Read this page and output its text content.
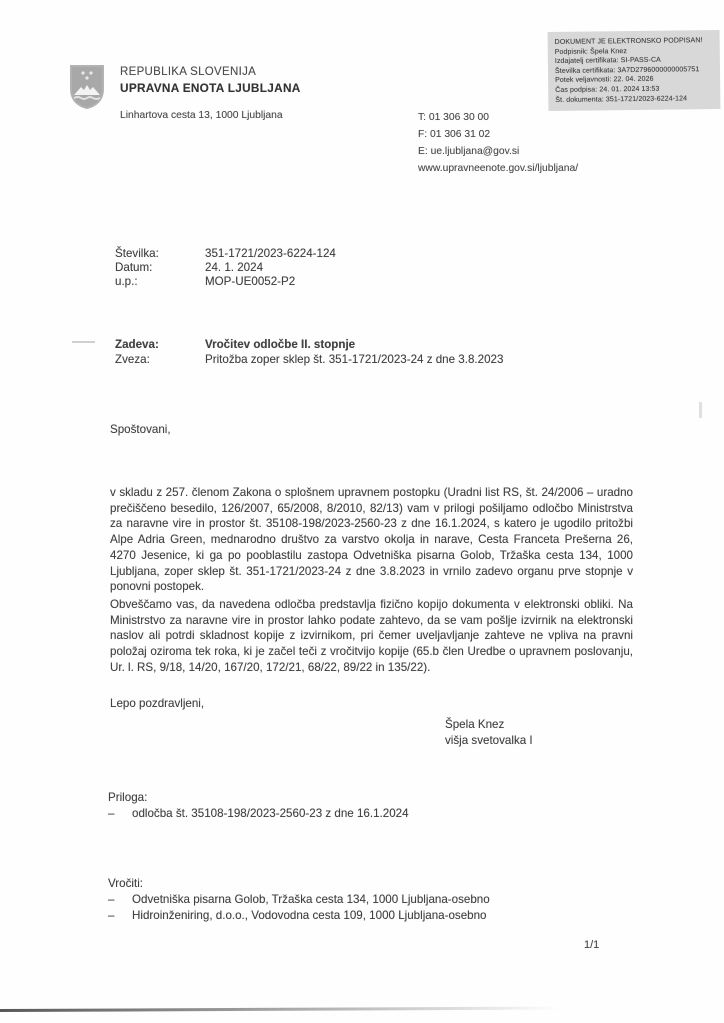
DOKUMENT JE ELEKTRONSKO PODPISAN!
Podpisnik: Špela Knez
Izdajatelj certifikata: SI-PASS-CA
Številka certifikata: 3A7D2796000000005751
Potek veljavnosti: 22. 04. 2026
Čas podpisa: 24. 01. 2024 13:53
Št. dokumenta: 351-1721/2023-6224-124
REPUBLIKA SLOVENIJA
UPRAVNA ENOTA LJUBLJANA
Linhartova cesta 13, 1000 Ljubljana	T: 01 306 30 00
F: 01 306 31 02
E: ue.ljubljana@gov.si
www.upravneenote.gov.si/ljubljana/
Številka:	351-1721/2023-6224-124
Datum:	24. 1. 2024
u.p.:	MOP-UE0052-P2
Zadeva:	Vročitev odločbe II. stopnje
Zveza:	Pritožba zoper sklep št. 351-1721/2023-24 z dne 3.8.2023
Spoštovani,
v skladu z 257. členom Zakona o splošnem upravnem postopku (Uradni list RS, št. 24/2006 – uradno prečiščeno besedilo, 126/2007, 65/2008, 8/2010, 82/13) vam v prilogi pošiljamo odločbo Ministrstva za naravne vire in prostor št. 35108-198/2023-2560-23 z dne 16.1.2024, s katero je ugodilo pritožbi Alpe Adria Green, mednarodno društvo za varstvo okolja in narave, Cesta Franceta Prešerna 26, 4270 Jesenice, ki ga po pooblastilu zastopa Odvetniška pisarna Golob, Tržaška cesta 134, 1000 Ljubljana, zoper sklep št. 351-1721/2023-24 z dne 3.8.2023 in vrnilo zadevo organu prve stopnje v ponovni postopek.
Obveščamo vas, da navedena odločba predstavlja fizično kopijo dokumenta v elektronski obliki. Na Ministrstvo za naravne vire in prostor lahko podate zahtevo, da se vam pošlje izvirnik na elektronski naslov ali potrdi skladnost kopije z izvirnikom, pri čemer uveljavljanje zahteve ne vpliva na pravni položaj oziroma tek roka, ki je začel teči z vročitvijo kopije (65.b člen Uredbe o upravnem poslovanju, Ur. l. RS, 9/18, 14/20, 167/20, 172/21, 68/22, 89/22 in 135/22).
Lepo pozdravljeni,
Špela Knez
višja svetovalka I
Priloga:
–	odločba št. 35108-198/2023-2560-23 z dne 16.1.2024
Vročiti:
–	Odvetniška pisarna Golob, Tržaška cesta 134, 1000 Ljubljana-osebno
–	Hidroinženiring, d.o.o., Vodovodna cesta 109, 1000 Ljubljana-osebno
1/1
